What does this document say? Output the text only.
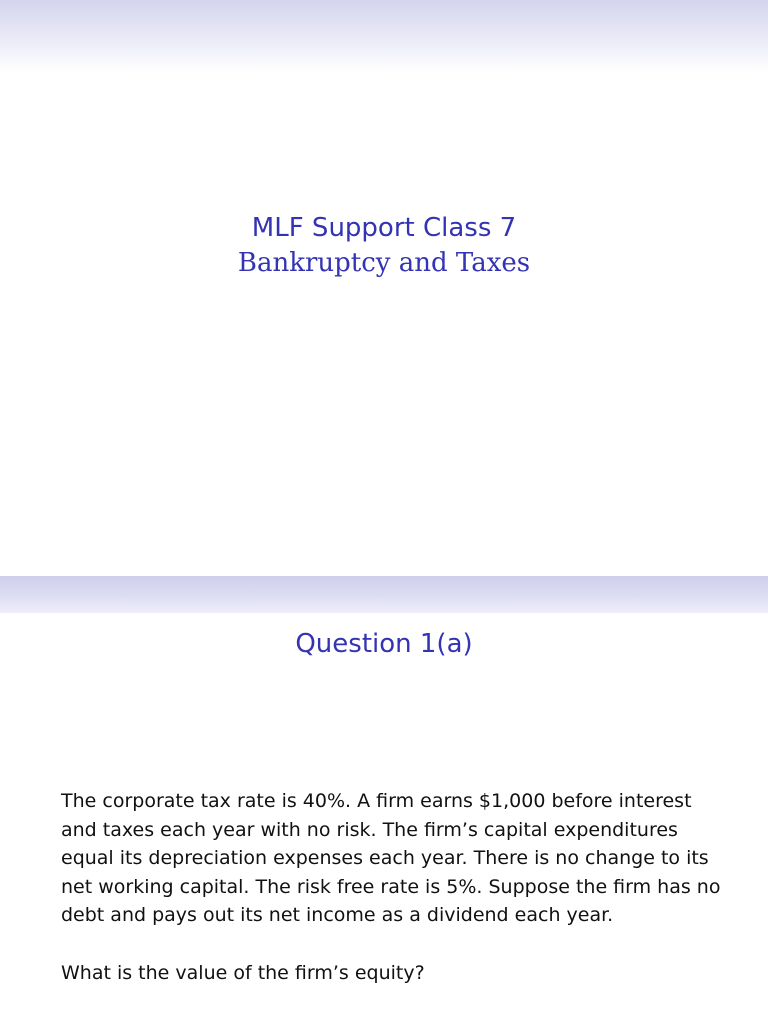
MLF Support Class 7
Bankruptcy and Taxes
Question 1(a)

The corporate tax rate is 40%. A firm earns $1,000 before interest and taxes each year with no risk. The firm’s capital expenditures equal its depreciation expenses each year. There is no change to its net working capital. The risk free rate is 5%. Suppose the firm has no debt and pays out its net income as a dividend each year.

What is the value of the firm’s equity?
